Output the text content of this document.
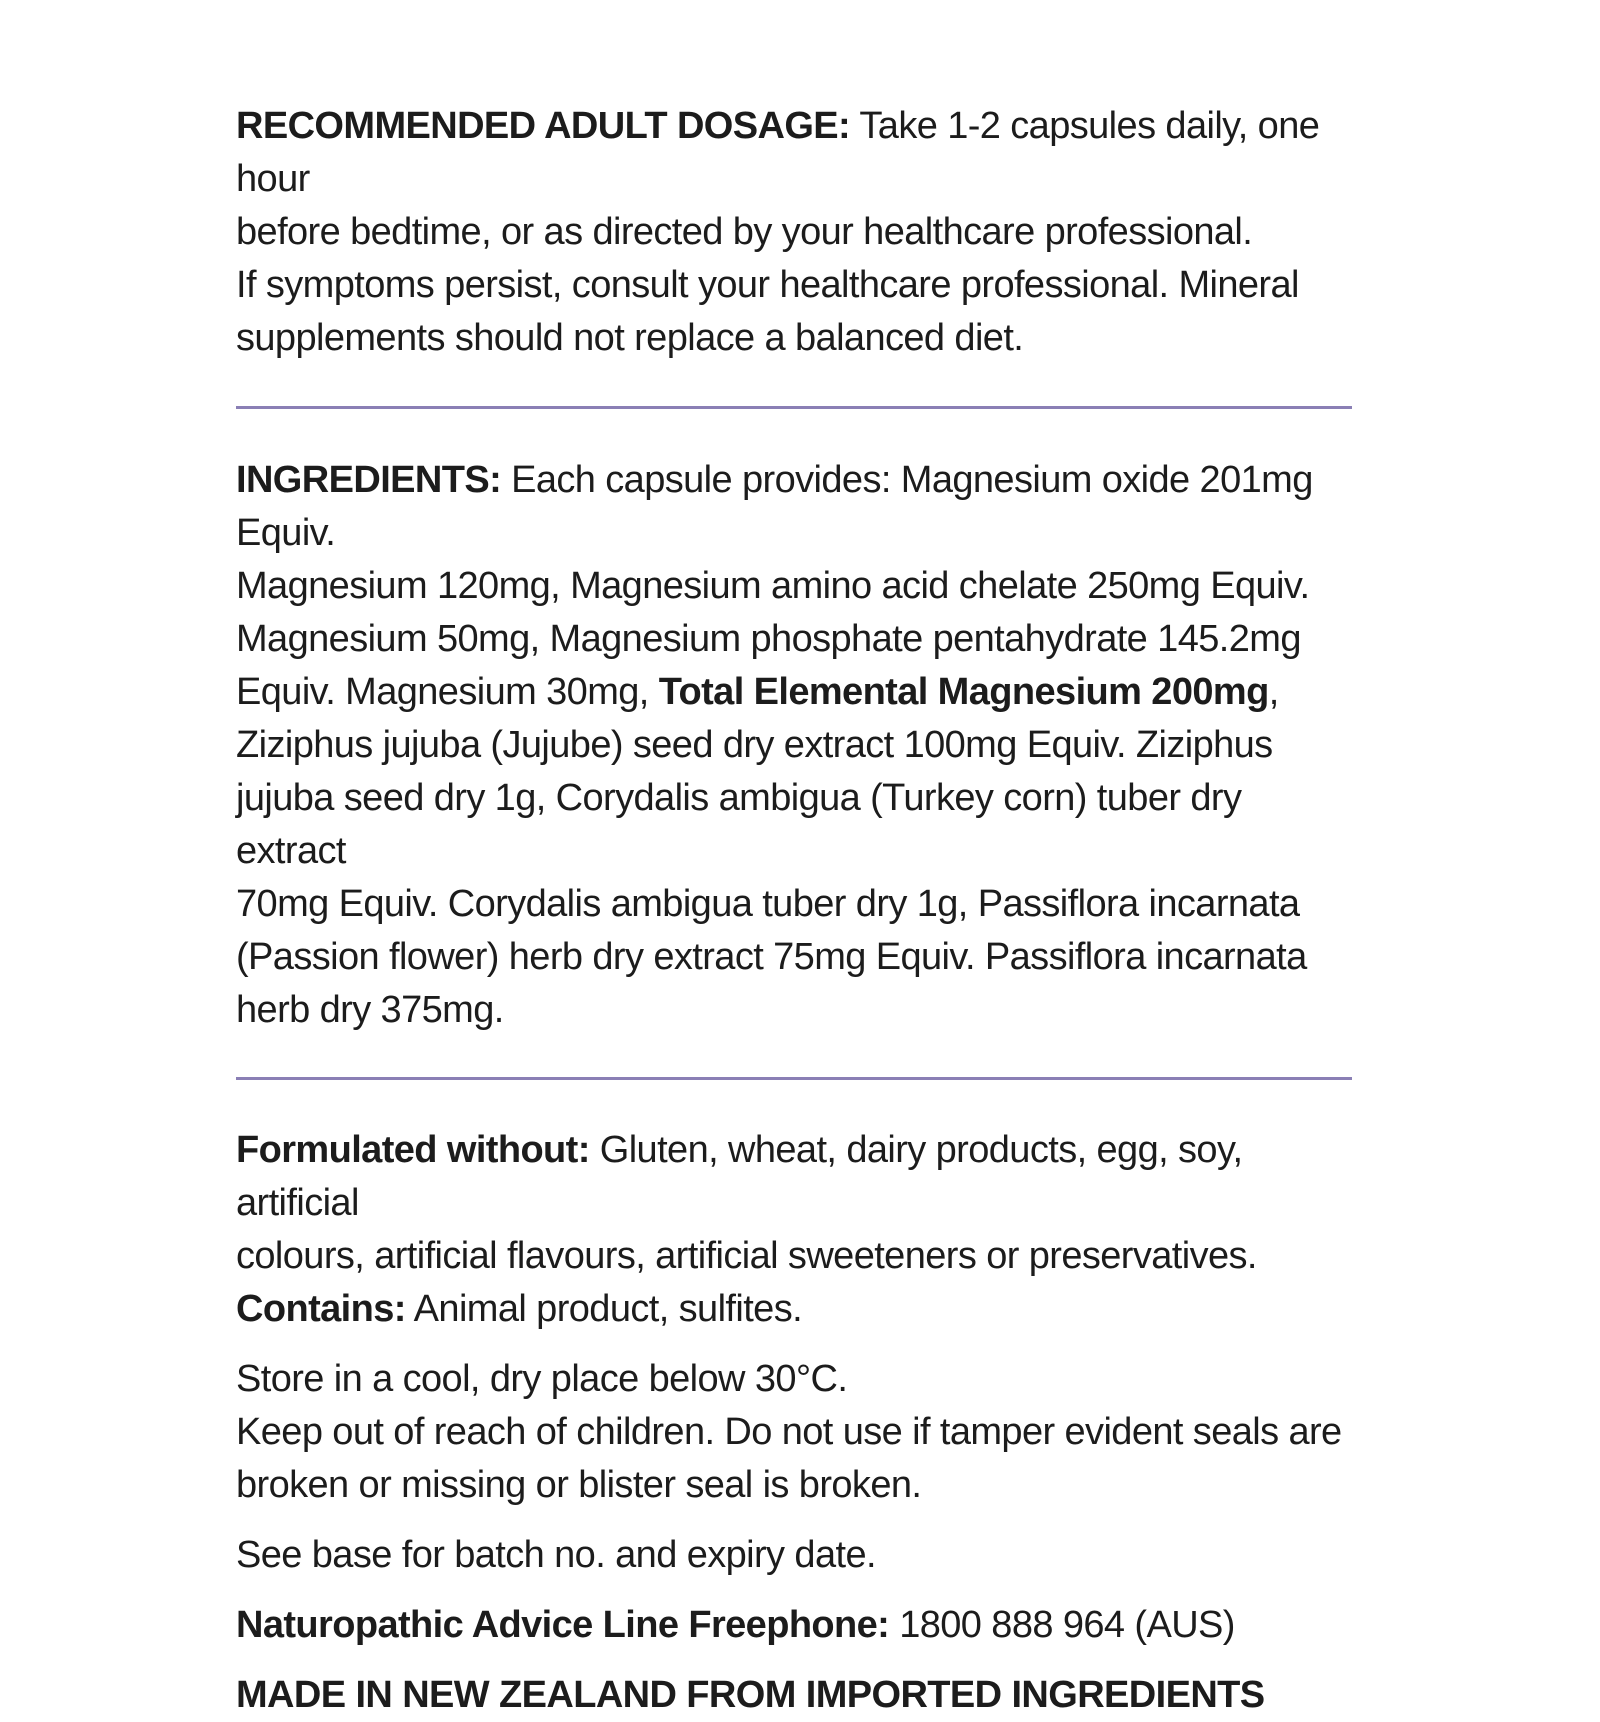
RECOMMENDED ADULT DOSAGE: Take 1-2 capsules daily, one hour

before bedtime, or as directed by your healthcare professional.

If symptoms persist, consult your healthcare professional. Mineral

supplements should not replace a balanced diet.

INGREDIENTS: Each capsule provides: Magnesium oxide 201mg Equiv.

Magnesium 120mg, Magnesium amino acid chelate 250mg Equiv.

Magnesium 50mg, Magnesium phosphate pentahydrate 145.2mg

Equiv. Magnesium 30mg, Total Elemental Magnesium 200mg,

Ziziphus jujuba (Jujube) seed dry extract 100mg Equiv. Ziziphus

jujuba seed dry 1g, Corydalis ambigua (Turkey corn) tuber dry extract

70mg Equiv. Corydalis ambigua tuber dry 1g, Passiflora incarnata

(Passion flower) herb dry extract 75mg Equiv. Passiflora incarnata

herb dry 375mg.

Formulated without: Gluten, wheat, dairy products, egg, soy, artificial

colours, artificial flavours, artificial sweeteners or preservatives.

Contains: Animal product, sulfites.

Store in a cool, dry place below 30°C.

Keep out of reach of children. Do not use if tamper evident seals are

broken or missing or blister seal is broken.

See base for batch no. and expiry date.

Naturopathic Advice Line Freephone: 1800 888 964 (AUS)

MADE IN NEW ZEALAND FROM IMPORTED INGREDIENTS
